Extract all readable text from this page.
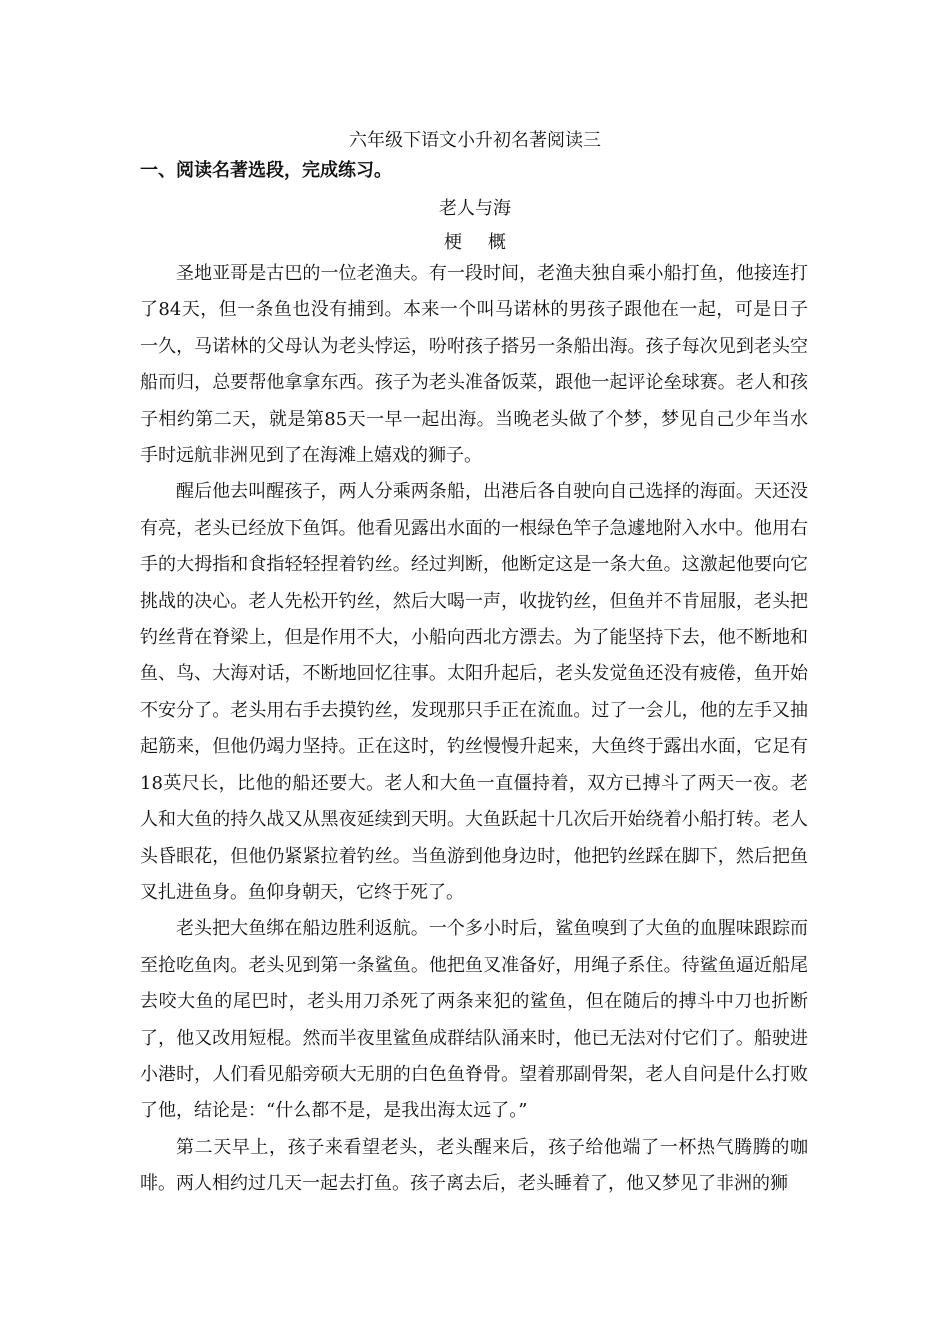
六年级下语文小升初名著阅读三
一、阅读名著选段，完成练习。
老人与海
梗概

圣地亚哥是古巴的一位老渔夫。有一段时间，老渔夫独自乘小船打鱼，他接连打了84天，但一条鱼也没有捕到。本来一个叫马诺林的男孩子跟他在一起，可是日子一久，马诺林的父母认为老头悖运，吩咐孩子搭另一条船出海。孩子每次见到老头空船而归，总要帮他拿拿东西。孩子为老头准备饭菜，跟他一起评论垒球赛。老人和孩子相约第二天，就是第85天一早一起出海。当晚老头做了个梦，梦见自己少年当水手时远航非洲见到了在海滩上嬉戏的狮子。

醒后他去叫醒孩子，两人分乘两条船，出港后各自驶向自己选择的海面。天还没有亮，老头已经放下鱼饵。他看见露出水面的一根绿色竿子急遽地附入水中。他用右手的大拇指和食指轻轻捏着钓丝。经过判断，他断定这是一条大鱼。这激起他要向它挑战的决心。老人先松开钓丝，然后大喝一声，收拢钓丝，但鱼并不肯屈服，老头把钓丝背在脊梁上，但是作用不大，小船向西北方漂去。为了能坚持下去，他不断地和鱼、鸟、大海对话，不断地回忆往事。太阳升起后，老头发觉鱼还没有疲倦，鱼开始不安分了。老头用右手去摸钓丝，发现那只手正在流血。过了一会儿，他的左手又抽起筋来，但他仍竭力坚持。正在这时，钓丝慢慢升起来，大鱼终于露出水面，它足有18英尺长，比他的船还要大。老人和大鱼一直僵持着，双方已搏斗了两天一夜。老人和大鱼的持久战又从黑夜延续到天明。大鱼跃起十几次后开始绕着小船打转。老人头昏眼花，但他仍紧紧拉着钓丝。当鱼游到他身边时，他把钓丝踩在脚下，然后把鱼叉扎进鱼身。鱼仰身朝天，它终于死了。

老头把大鱼绑在船边胜利返航。一个多小时后，鲨鱼嗅到了大鱼的血腥味跟踪而至抢吃鱼肉。老头见到第一条鲨鱼。他把鱼叉准备好，用绳子系住。待鲨鱼逼近船尾去咬大鱼的尾巴时，老头用刀杀死了两条来犯的鲨鱼，但在随后的搏斗中刀也折断了，他又改用短棍。然而半夜里鲨鱼成群结队涌来时，他已无法对付它们了。船驶进小港时，人们看见船旁硕大无朋的白色鱼脊骨。望着那副骨架，老人自问是什么打败了他，结论是：“什么都不是，是我出海太远了。”

第二天早上，孩子来看望老头，老头醒来后，孩子给他端了一杯热气腾腾的咖啡。两人相约过几天一起去打鱼。孩子离去后，老头睡着了，他又梦见了非洲的狮
